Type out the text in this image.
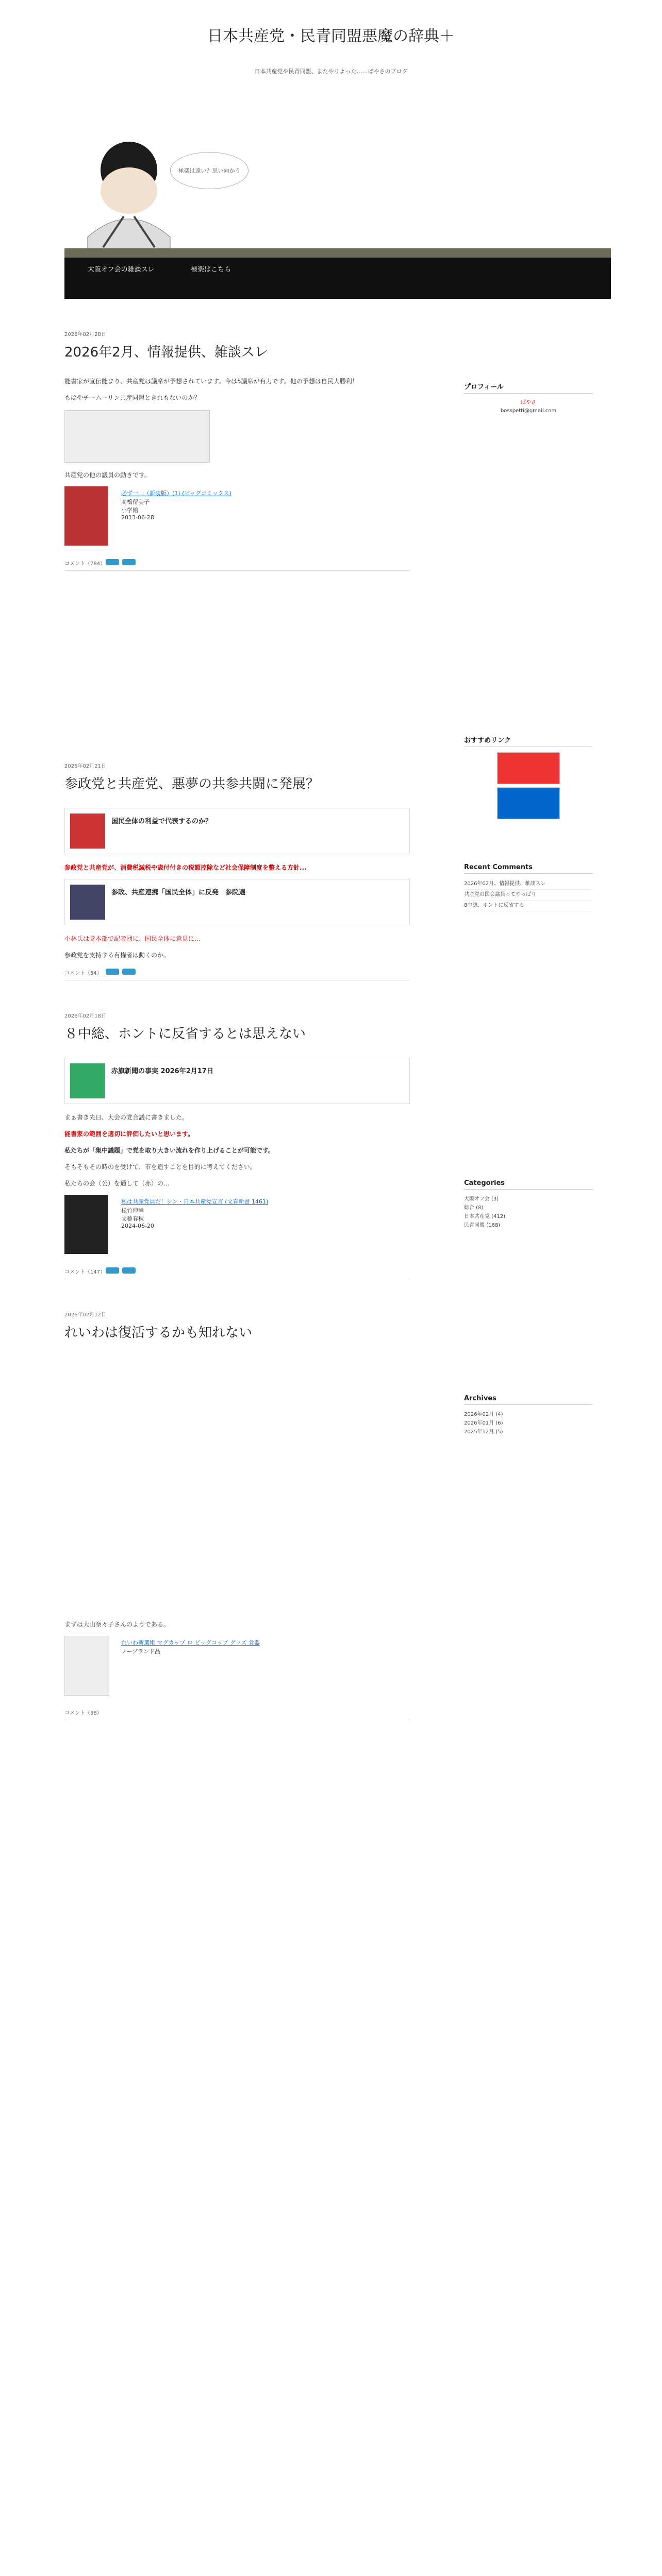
日本共産党・民青同盟悪魔の辞典＋
日本共産党や民青同盟、またやりよった……ぱやさのブログ
極楽は遠い？思い向かう
大阪オフ会の雑談スレ	極楽はこちら
2026年02月28日
2026年2月、情報提供、雑談スレ

能書家が宣伝能まり、共産党は議席が予想されています。今は5議席が有力です。他の予想は自民大勝利！

もはやチームーリン共産同盟ときれもないのか？

共産党の他の議員の動きです。

必ず一山（新装版）(1) (ビッグコミックス)
高橋留美子
小学館
2013-06-28
コメント（784）
2026年02月21日
参政党と共産党、悪夢の共参共闘に発展？
国民全体の利益で代表するのか？

参政党と共産党が、消費税減税や歳付付きの税額控除など社会保障制度を整える方針...

参政、共産連携「国民全体」に反発　参院選

小林氏は党本部で記者団に、国民全体に意見に…

参政党を支持する有権者は動くのか。

コメント（54）
2026年02月18日
８中総、ホントに反省するとは思えない
赤旗新聞の事実 2026年2月17日

まぁ書き先日、大会の党合議に書きました。

能書家の範囲を適切に評価したいと思います。

私たちが「集中議題」で党を取り大きい流れを作り上げることが可能です。

そもそもその時のを受けて、市を追すことを目的に考えてください。

私たちの会（公）を通して（赤）の…

私は共産党員だ！シン・日本共産党宣言 (文春新書 1461)
松竹伸幸
文藝春秋
2024-06-20
コメント（147）
2026年02月12日
れいわは復活するかも知れない

まずは大山奈々子さんのようである。

れいわ新選組 マグカップ ロ ビッグコップ グッズ 食器
ノーブランド品
コメント（58）
プロフィール
ぱやさ
bosspetti@gmail.com
おすすめリンク
Recent Comments
2026年02月、情報提供、雑談スレ
共産党の国会議員ってやっぱり
8中総、ホントに反省する
Categories
大阪オフ会 (3)
総合 (8)
日本共産党 (412)
民青同盟 (168)
Archives
2026年02月 (4)
2026年01月 (6)
2025年12月 (5)
